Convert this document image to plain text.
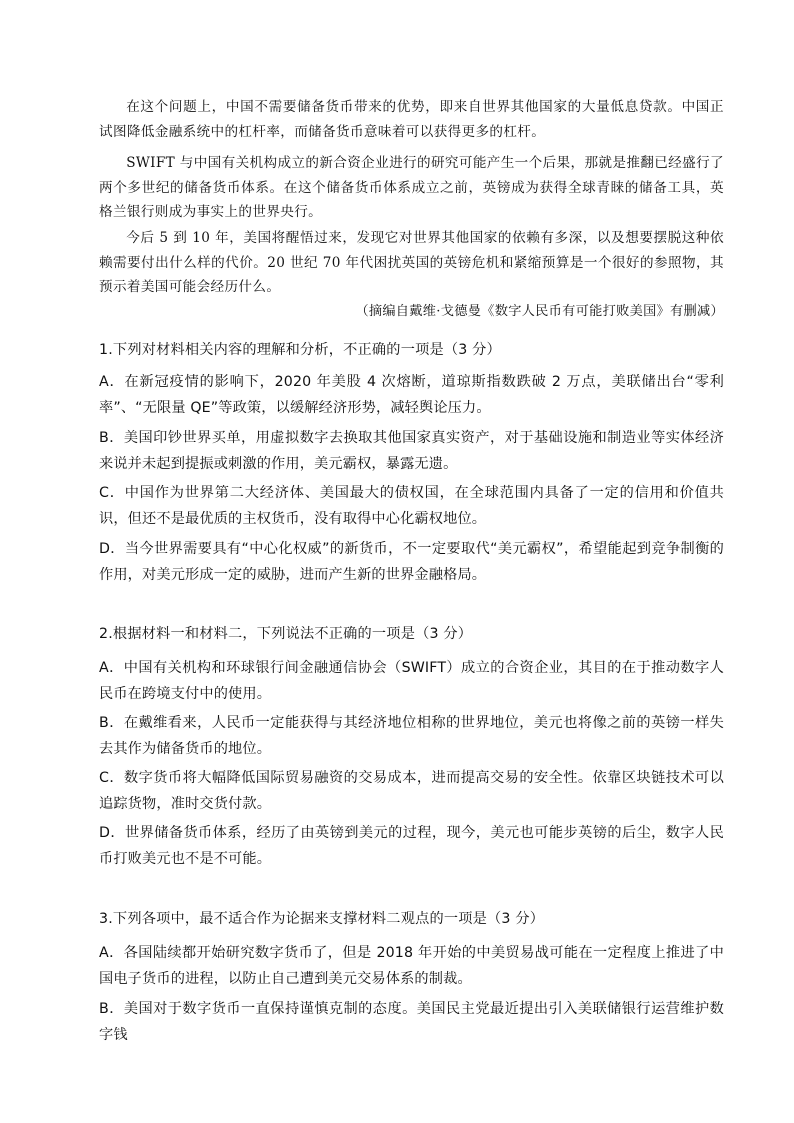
在这个问题上，中国不需要储备货币带来的优势，即来自世界其他国家的大量低息贷款。中国正试图降低金融系统中的杠杆率，而储备货币意味着可以获得更多的杠杆。

SWIFT 与中国有关机构成立的新合资企业进行的研究可能产生一个后果，那就是推翻已经盛行了两个多世纪的储备货币体系。在这个储备货币体系成立之前，英镑成为获得全球青睐的储备工具，英格兰银行则成为事实上的世界央行。

今后 5 到 10 年，美国将醒悟过来，发现它对世界其他国家的依赖有多深，以及想要摆脱这种依赖需要付出什么样的代价。20 世纪 70 年代困扰英国的英镑危机和紧缩预算是一个很好的参照物，其预示着美国可能会经历什么。

（摘编自戴维·戈德曼《数字人民币有可能打败美国》有删减）

1.下列对材料相关内容的理解和分析，不正确的一项是（3 分）

A．在新冠疫情的影响下，2020 年美股 4 次熔断，道琼斯指数跌破 2 万点，美联储出台“零利率”、“无限量 QE”等政策，以缓解经济形势，减轻舆论压力。

B．美国印钞世界买单，用虚拟数字去换取其他国家真实资产，对于基础设施和制造业等实体经济来说并未起到提振或刺激的作用，美元霸权，暴露无遗。

C．中国作为世界第二大经济体、美国最大的债权国，在全球范围内具备了一定的信用和价值共识，但还不是最优质的主权货币，没有取得中心化霸权地位。

D．当今世界需要具有“中心化权威”的新货币，不一定要取代“美元霸权”，希望能起到竞争制衡的作用，对美元形成一定的威胁，进而产生新的世界金融格局。

2.根据材料一和材料二，下列说法不正确的一项是（3 分）

A．中国有关机构和环球银行间金融通信协会（SWIFT）成立的合资企业，其目的在于推动数字人民币在跨境支付中的使用。

B．在戴维看来，人民币一定能获得与其经济地位相称的世界地位，美元也将像之前的英镑一样失去其作为储备货币的地位。

C．数字货币将大幅降低国际贸易融资的交易成本，进而提高交易的安全性。依靠区块链技术可以追踪货物，准时交货付款。

D．世界储备货币体系，经历了由英镑到美元的过程，现今，美元也可能步英镑的后尘，数字人民币打败美元也不是不可能。

3.下列各项中，最不适合作为论据来支撑材料二观点的一项是（3 分）

A．各国陆续都开始研究数字货币了，但是 2018 年开始的中美贸易战可能在一定程度上推进了中国电子货币的进程，以防止自己遭到美元交易体系的制裁。

B．美国对于数字货币一直保持谨慎克制的态度。美国民主党最近提出引入美联储银行运营维护数字钱
